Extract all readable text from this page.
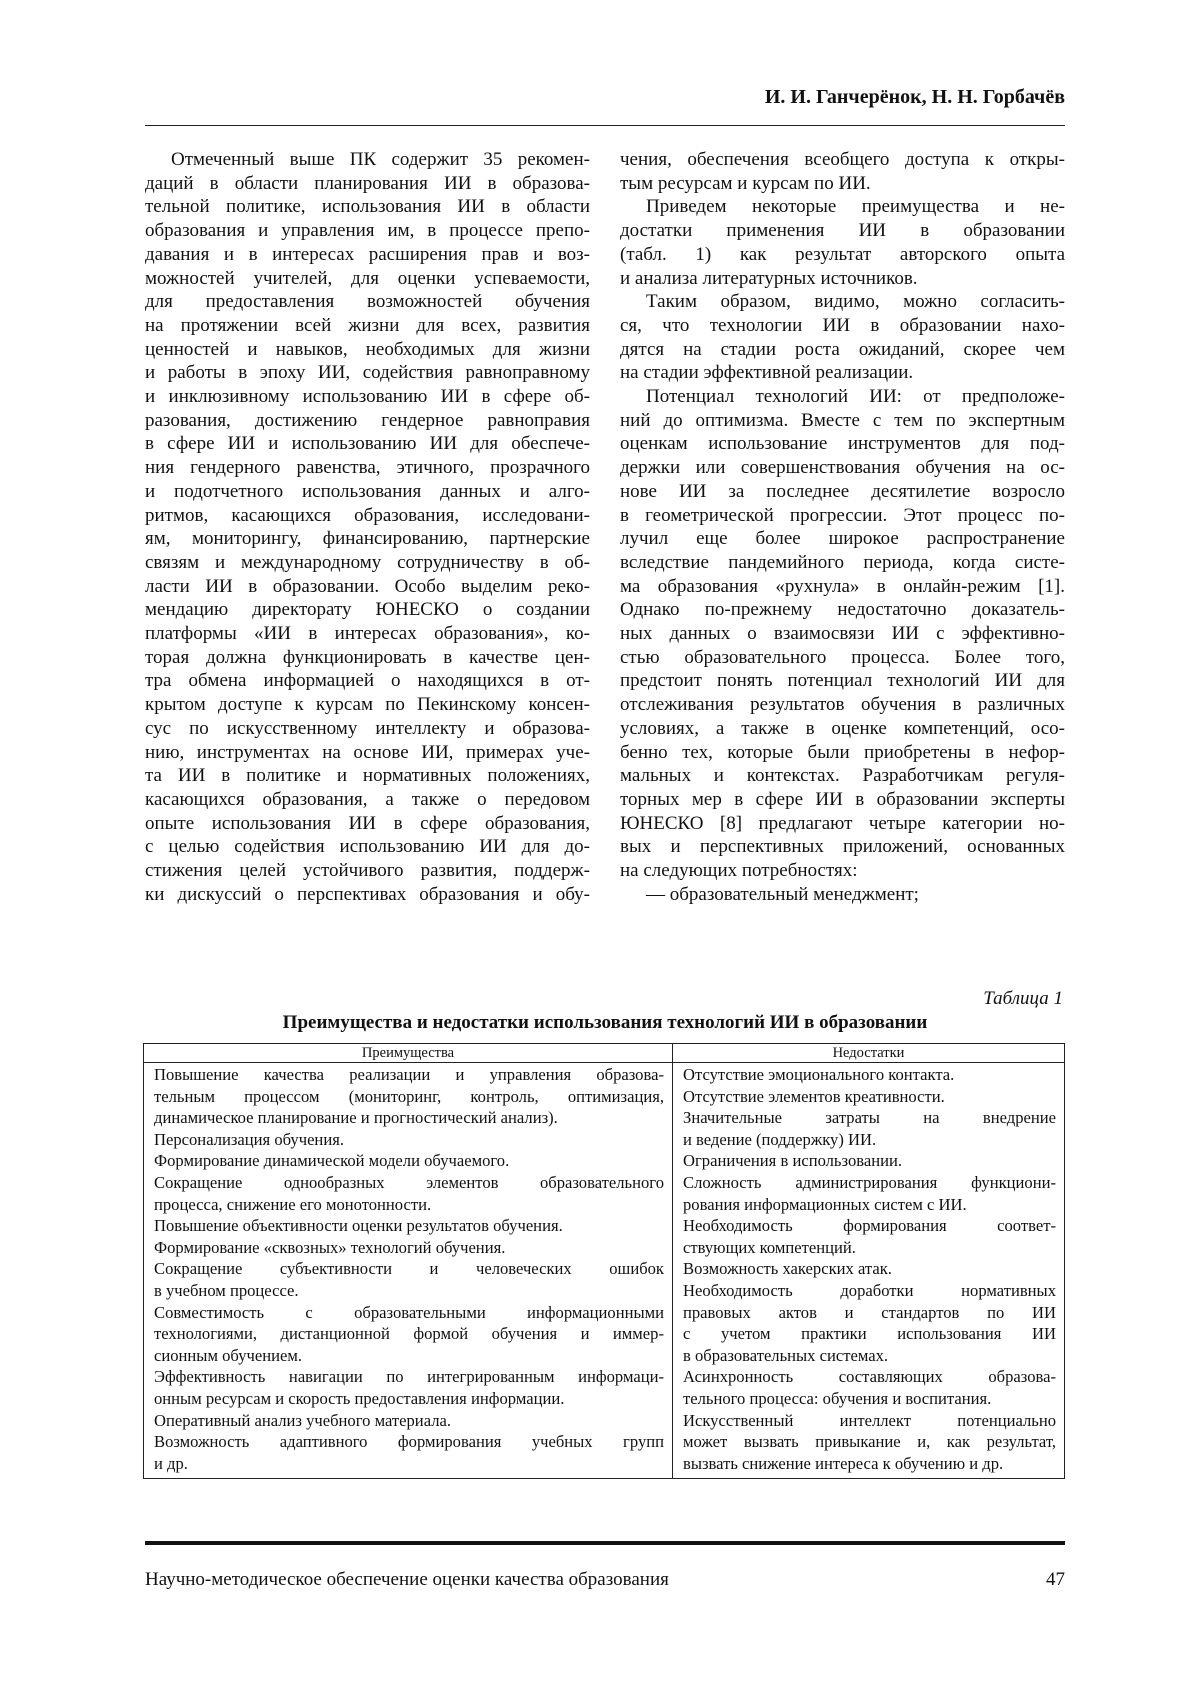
И. И. Ганчерёнок, Н. Н. Горбачёв
Отмеченный выше ПК содержит 35 рекомен-
даций в области планирования ИИ в образова-
тельной политике, использования ИИ в области
образования и управления им, в процессе препо-
давания и в интересах расширения прав и воз-
можностей учителей, для оценки успеваемости,
для предоставления возможностей обучения
на протяжении всей жизни для всех, развития
ценностей и навыков, необходимых для жизни
и работы в эпоху ИИ, содействия равноправному
и инклюзивному использованию ИИ в сфере об-
разования, достижению гендерное равноправия
в сфере ИИ и использованию ИИ для обеспече-
ния гендерного равенства, этичного, прозрачного
и подотчетного использования данных и алго-
ритмов, касающихся образования, исследовани-
ям, мониторингу, финансированию, партнерские
связям и международному сотрудничеству в об-
ласти ИИ в образовании. Особо выделим реко-
мендацию директорату ЮНЕСКО о создании
платформы «ИИ в интересах образования», ко-
торая должна функционировать в качестве цен-
тра обмена информацией о находящихся в от-
крытом доступе к курсам по Пекинскому консен-
сус по искусственному интеллекту и образова-
нию, инструментах на основе ИИ, примерах уче-
та ИИ в политике и нормативных положениях,
касающихся образования, а также о передовом
опыте использования ИИ в сфере образования,
с целью содействия использованию ИИ для до-
стижения целей устойчивого развития, поддерж-
ки дискуссий о перспективах образования и обу-
чения, обеспечения всеобщего доступа к откры-
тым ресурсам и курсам по ИИ.
Приведем некоторые преимущества и не-
достатки применения ИИ в образовании
(табл. 1) как результат авторского опыта
и анализа литературных источников.
Таким образом, видимо, можно согласить-
ся, что технологии ИИ в образовании нахо-
дятся на стадии роста ожиданий, скорее чем
на стадии эффективной реализации.
Потенциал технологий ИИ: от предположе-
ний до оптимизма. Вместе с тем по экспертным
оценкам использование инструментов для под-
держки или совершенствования обучения на ос-
нове ИИ за последнее десятилетие возросло
в геометрической прогрессии. Этот процесс по-
лучил еще более широкое распространение
вследствие пандемийного периода, когда систе-
ма образования «рухнула» в онлайн-режим [1].
Однако по-прежнему недостаточно доказатель-
ных данных о взаимосвязи ИИ с эффективно-
стью образовательного процесса. Более того,
предстоит понять потенциал технологий ИИ для
отслеживания результатов обучения в различных
условиях, а также в оценке компетенций, осо-
бенно тех, которые были приобретены в нефор-
мальных и контекстах. Разработчикам регуля-
торных мер в сфере ИИ в образовании эксперты
ЮНЕСКО [8] предлагают четыре категории но-
вых и перспективных приложений, основанных
на следующих потребностях:
— образовательный менеджмент;
Таблица 1
Преимущества и недостатки использования технологий ИИ в образовании
Преимущества	Недостатки

Повышение качества реализации и управления образова-
тельным процессом (мониторинг, контроль, оптимизация,
динамическое планирование и прогностический анализ).
Персонализация обучения.
Формирование динамической модели обучаемого.
Сокращение однообразных элементов образовательного
процесса, снижение его монотонности.
Повышение объективности оценки результатов обучения.
Формирование «сквозных» технологий обучения.
Сокращение субъективности и человеческих ошибок
в учебном процессе.
Совместимость с образовательными информационными
технологиями, дистанционной формой обучения и иммер-
сионным обучением.
Эффективность навигации по интегрированным информаци-
онным ресурсам и скорость предоставления информации.
Оперативный анализ учебного материала.
Возможность адаптивного формирования учебных групп
и др.

Отсутствие эмоционального контакта.
Отсутствие элементов креативности.
Значительные затраты на внедрение
и ведение (поддержку) ИИ.
Ограничения в использовании.
Сложность администрирования функциони-
рования информационных систем с ИИ.
Необходимость формирования соответ-
ствующих компетенций.
Возможность хакерских атак.
Необходимость доработки нормативных
правовых актов и стандартов по ИИ
с учетом практики использования ИИ
в образовательных системах.
Асинхронность составляющих образова-
тельного процесса: обучения и воспитания.
Искусственный интеллект потенциально
может вызвать привыкание и, как результат,
вызвать снижение интереса к обучению и др.
Научно-методическое обеспечение оценки качества образования	47
